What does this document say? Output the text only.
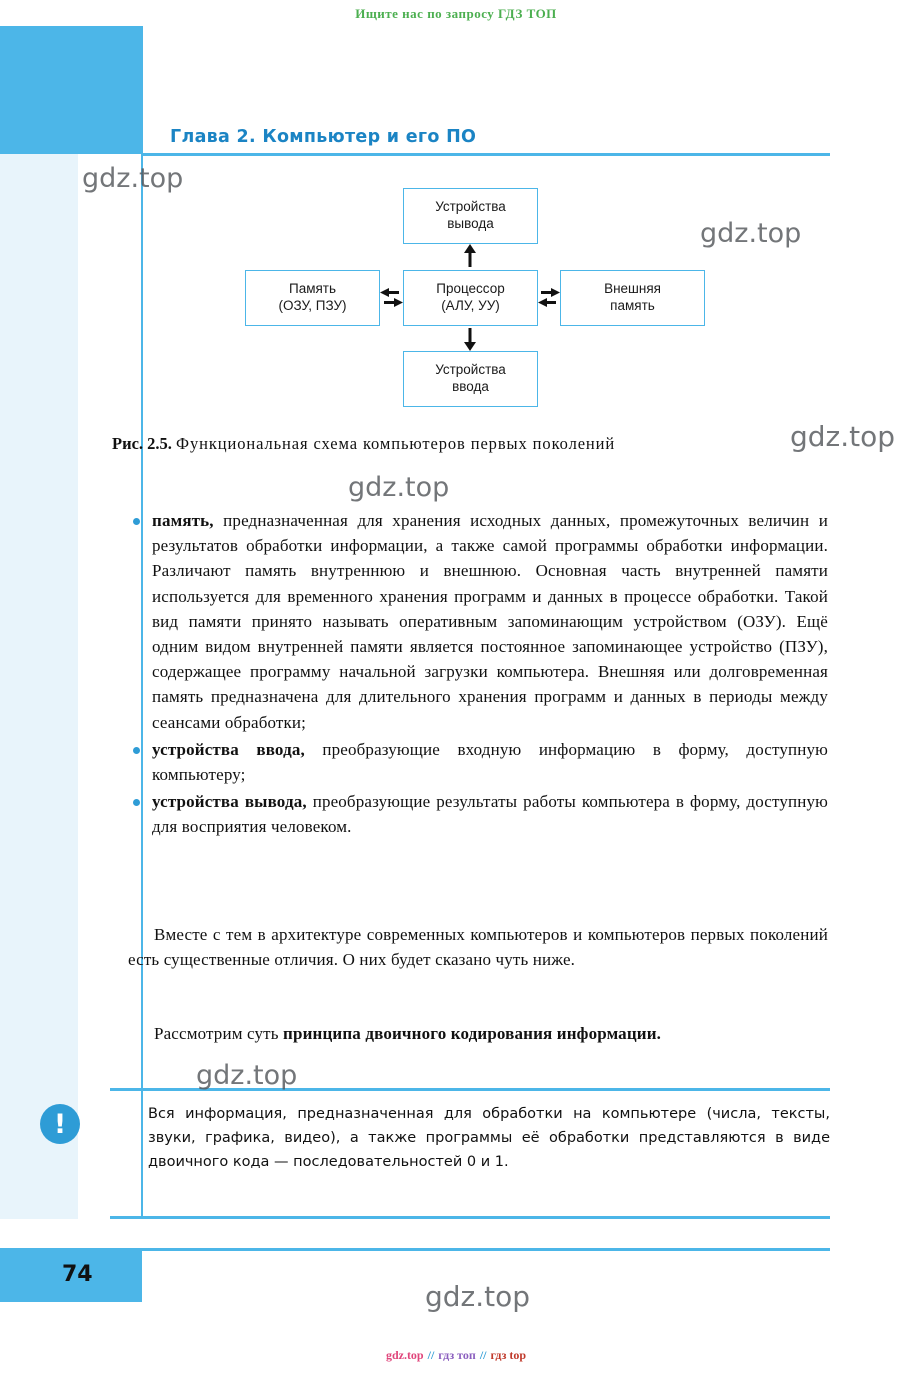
Ищите нас по запросу ГДЗ ТОП
Глава 2. Компьютер и его ПО
Устройства
вывода
Память
(ОЗУ, ПЗУ)
Процессор
(АЛУ, УУ)
Внешняя
память
Устройства
ввода
Рис. 2.5. Функциональная схема компьютеров первых поколений
память, предназначенная для хранения исходных данных, промежуточных величин и результатов обработки информации, а также самой программы обработки информации. Различают память внутреннюю и внешнюю. Основная часть внутренней памяти используется для временного хранения программ и данных в процессе обработки. Такой вид памяти принято называть оперативным запоминающим устройством (ОЗУ). Ещё одним видом внутренней памяти является постоянное запоминающее устройство (ПЗУ), содержащее программу начальной загрузки компьютера. Внешняя или долговременная память предназначена для длительного хранения программ и данных в периоды между сеансами обработки;
устройства ввода, преобразующие входную информацию в форму, доступную компьютеру;
устройства вывода, преобразующие результаты работы компьютера в форму, доступную для восприятия человеком.
Вместе с тем в архитектуре современных компьютеров и компьютеров первых поколений есть существенные отличия. О них будет сказано чуть ниже.
Рассмотрим суть принципа двоичного кодирования информации.
!	Вся информация, предназначенная для обработки на компьютере (числа, тексты, звуки, графика, видео), а также программы её обработки представляются в виде двоичного кода — последовательностей 0 и 1.
74
gdz.top // гдз топ // гдз top
gdz.top
gdz.top
gdz.top
gdz.top
gdz.top
gdz.top
